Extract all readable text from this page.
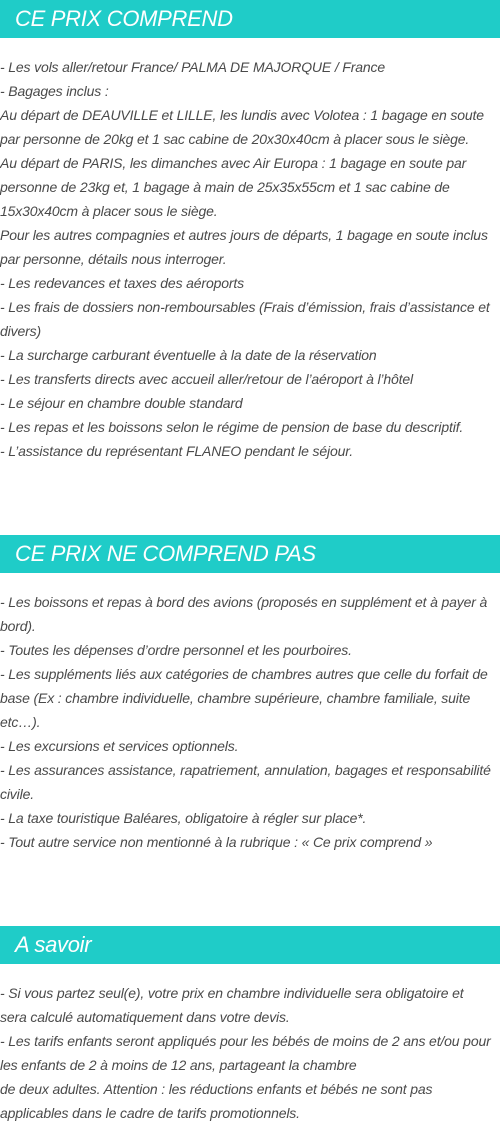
CE PRIX COMPREND
- Les vols aller/retour France/ PALMA DE MAJORQUE / France
- Bagages inclus :
Au départ de DEAUVILLE et LILLE, les lundis avec Volotea : 1 bagage en soute
par personne de 20kg et 1 sac cabine de 20x30x40cm à placer sous le siège.
Au départ de PARIS, les dimanches avec Air Europa : 1 bagage en soute par
personne de 23kg et, 1 bagage à main de 25x35x55cm et 1 sac cabine de
15x30x40cm à placer sous le siège.
Pour les autres compagnies et autres jours de départs, 1 bagage en soute inclus
par personne, détails nous interroger.
- Les redevances et taxes des aéroports
- Les frais de dossiers non-remboursables (Frais d’émission, frais d’assistance et
divers)
- La surcharge carburant éventuelle à la date de la réservation
- Les transferts directs avec accueil aller/retour de l’aéroport à l’hôtel
- Le séjour en chambre double standard
- Les repas et les boissons selon le régime de pension de base du descriptif.
- L’assistance du représentant FLANEO pendant le séjour.
CE PRIX NE COMPREND PAS
- Les boissons et repas à bord des avions (proposés en supplément et à payer à
bord).
- Toutes les dépenses d’ordre personnel et les pourboires.
- Les suppléments liés aux catégories de chambres autres que celle du forfait de
base (Ex : chambre individuelle, chambre supérieure, chambre familiale, suite
etc…).
- Les excursions et services optionnels.
- Les assurances assistance, rapatriement, annulation, bagages et responsabilité
civile.
- La taxe touristique Baléares, obligatoire à régler sur place*.
- Tout autre service non mentionné à la rubrique : « Ce prix comprend »
A savoir
- Si vous partez seul(e), votre prix en chambre individuelle sera obligatoire et
sera calculé automatiquement dans votre devis.
- Les tarifs enfants seront appliqués pour les bébés de moins de 2 ans et/ou pour
les enfants de 2 à moins de 12 ans, partageant la chambre
de deux adultes. Attention : les réductions enfants et bébés ne sont pas
applicables dans le cadre de tarifs promotionnels.
